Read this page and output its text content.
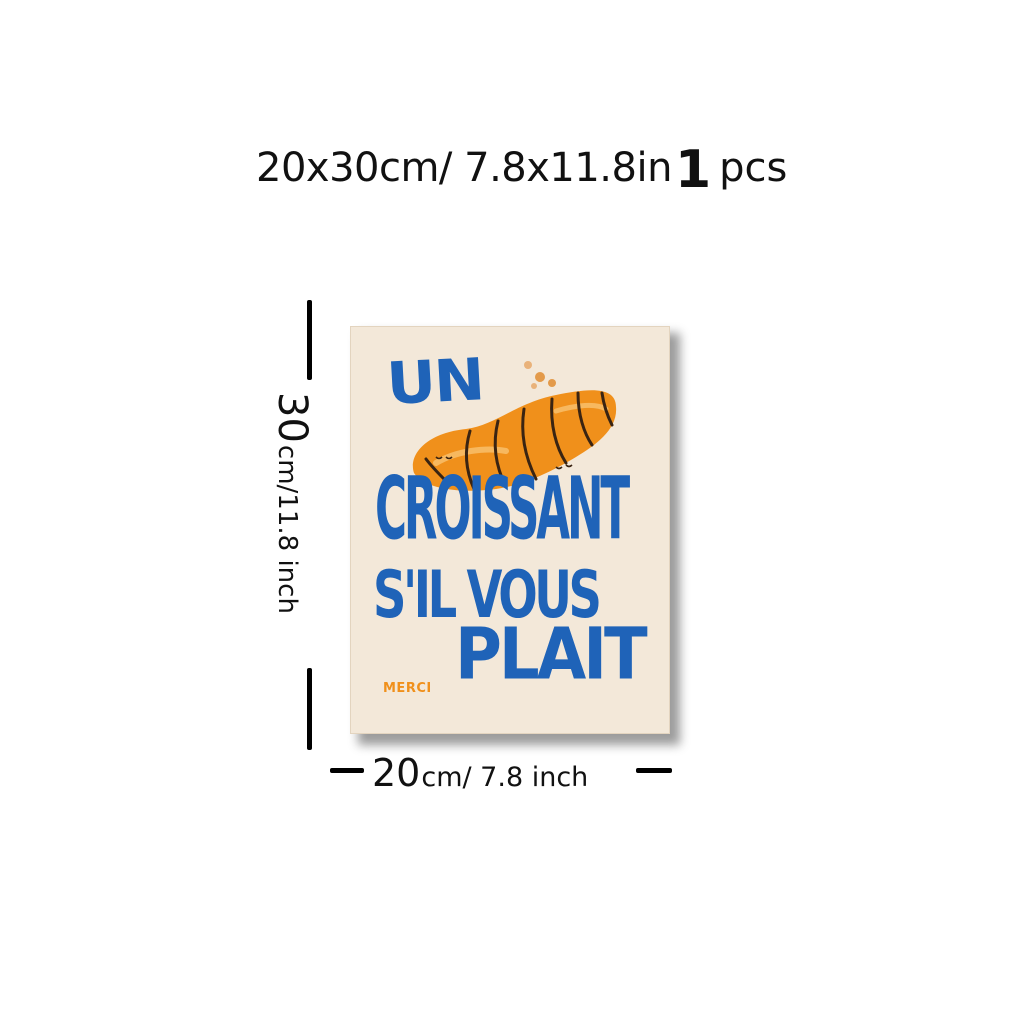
20x30cm/ 7.8x11.8in1 pcs
UN
CROISSANT
S'IL VOUS
MERCI PLAIT
30cm/11.8 inch
20cm/ 7.8 inch
